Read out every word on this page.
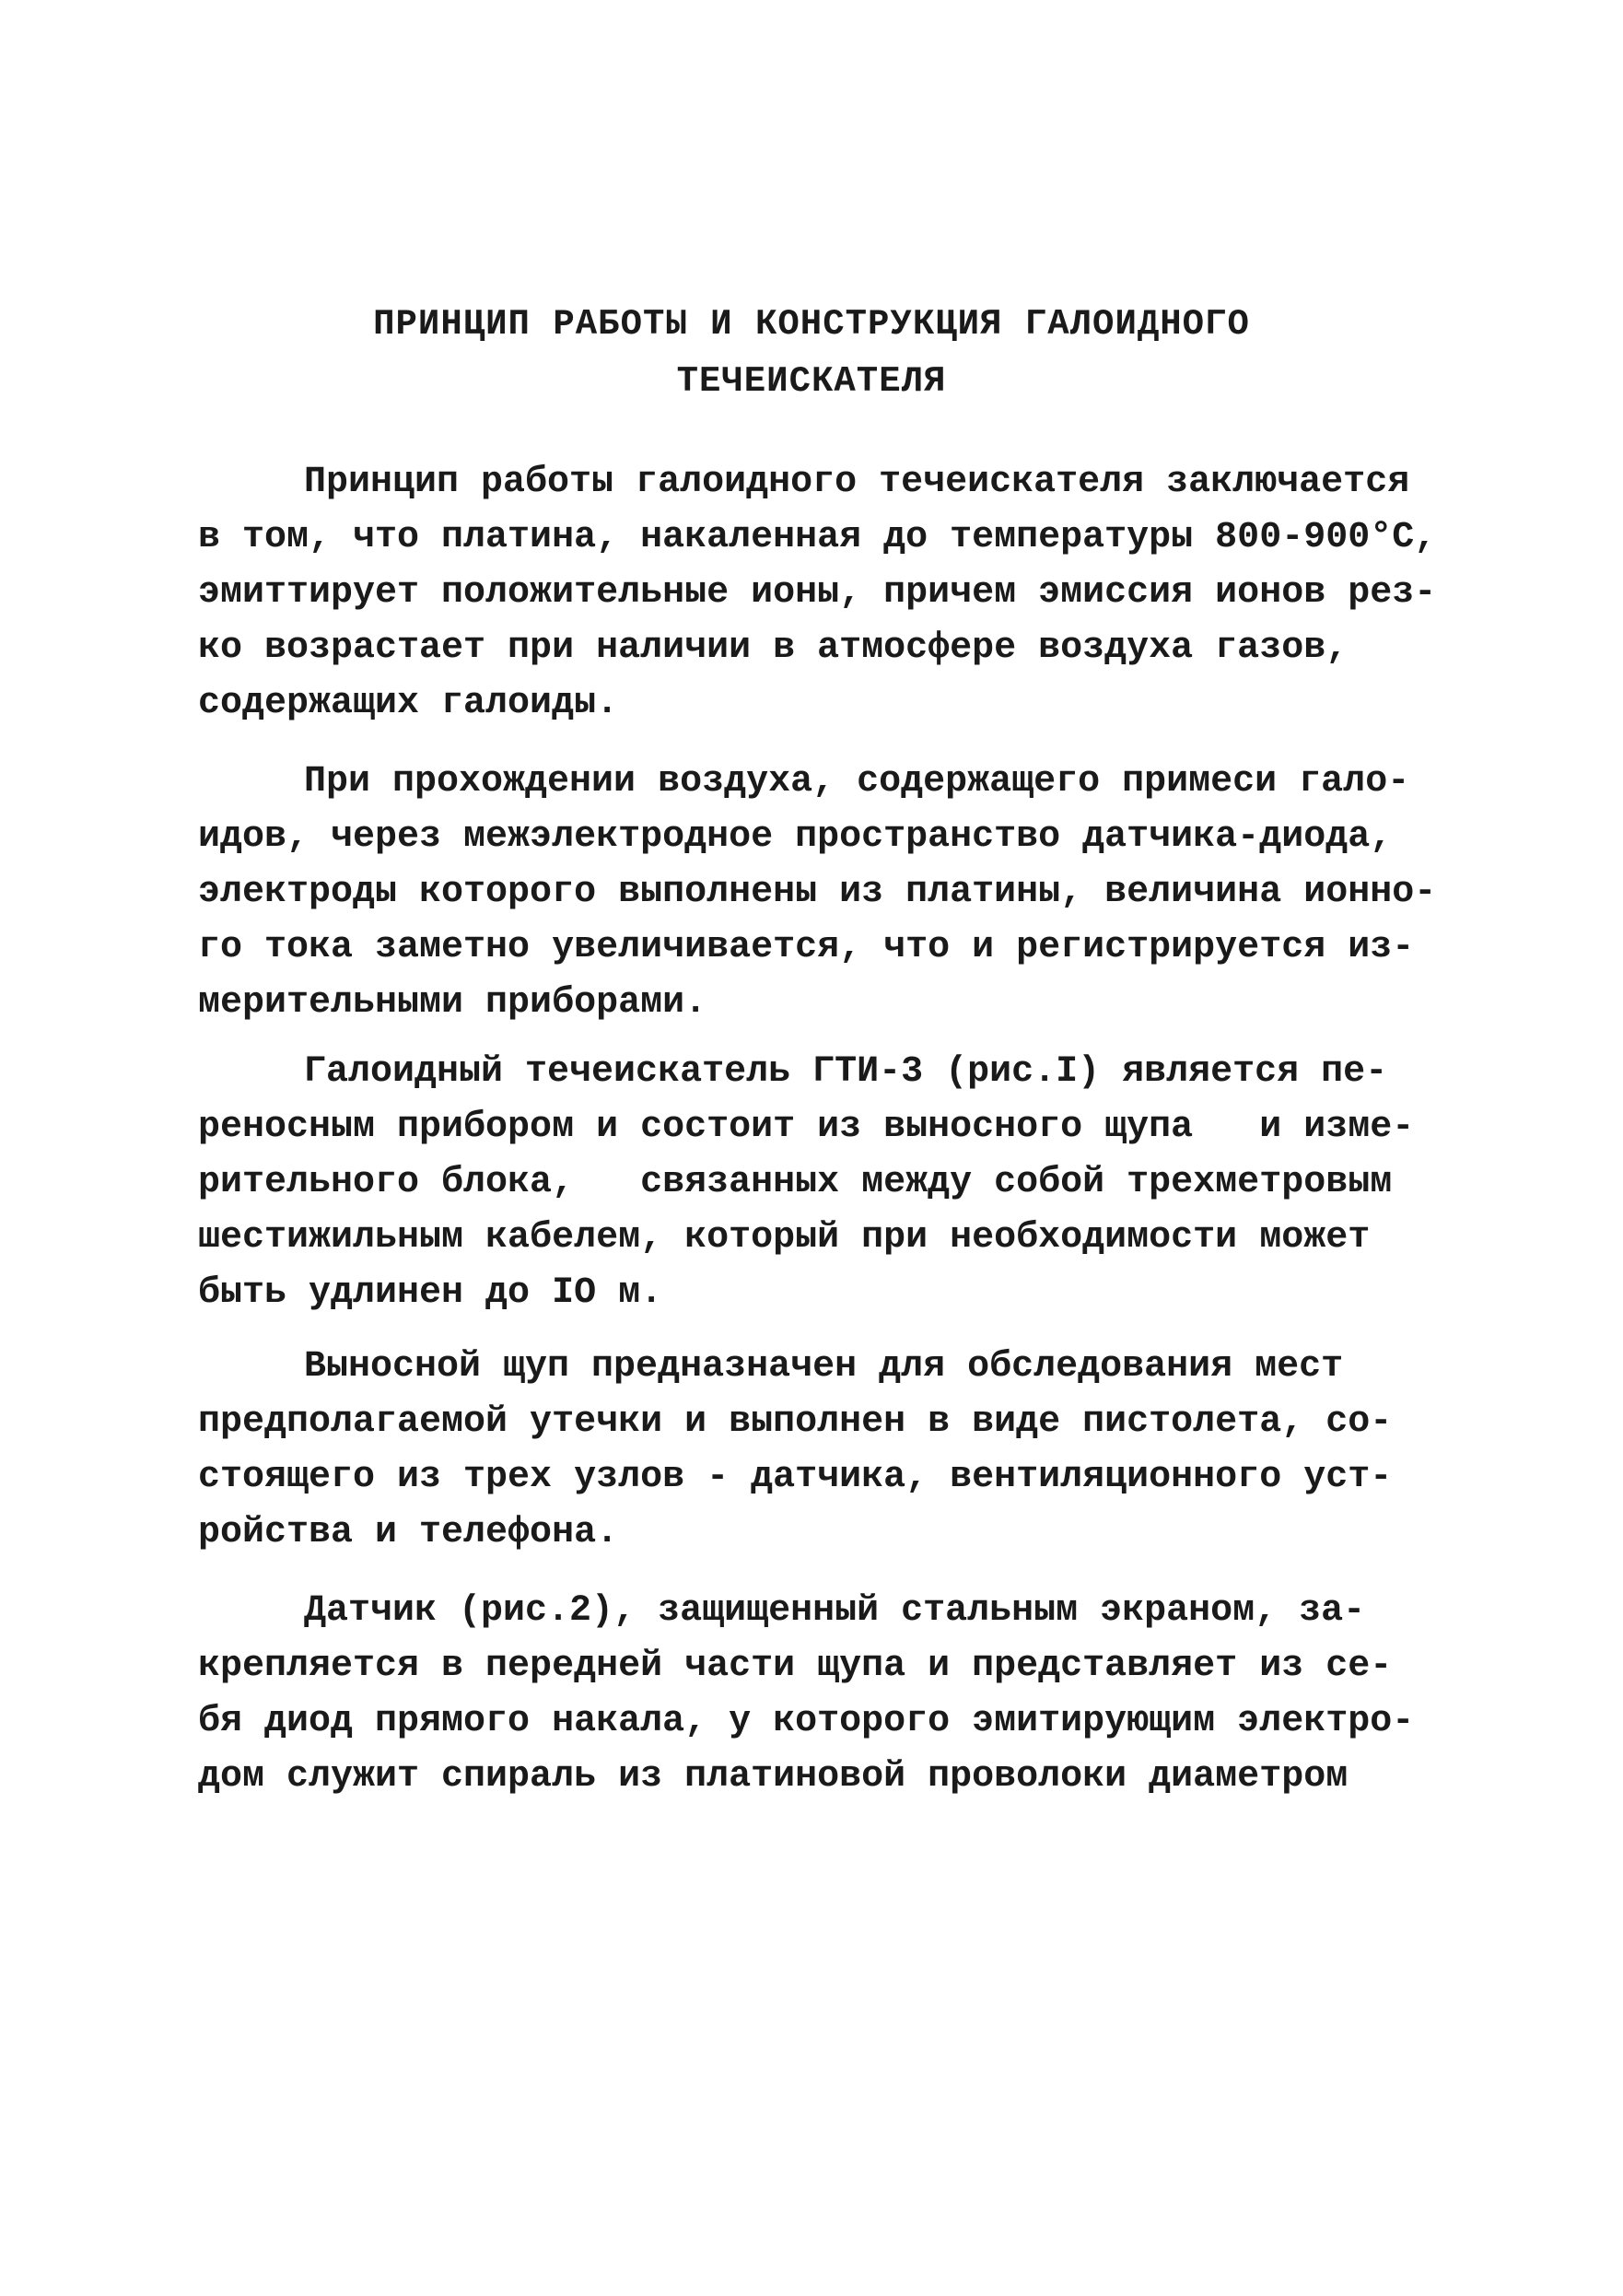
ПРИНЦИП РАБОТЫ И КОНСТРУКЦИЯ ГАЛОИДНОГО
ТЕЧЕИСКАТЕЛЯ
Принцип работы галоидного течеискателя заключается
в том, что платина, накаленная до температуры 800-900°С,
эмиттирует положительные ионы, причем эмиссия ионов рез-
ко возрастает при наличии в атмосфере воздуха газов,
содержащих галоиды.
При прохождении воздуха, содержащего примеси гало-
идов, через межэлектродное пространство датчика-диода,
электроды которого выполнены из платины, величина ионно-
го тока заметно увеличивается, что и регистрируется из-
мерительными приборами.
Галоидный течеискатель ГТИ-3 (рис.I) является пе-
реносным прибором и состоит из выносного щупа   и изме-
рительного блока,   связанных между собой трехметровым
шестижильным кабелем, который при необходимости может
быть удлинен до IO м.
Выносной щуп предназначен для обследования мест
предполагаемой утечки и выполнен в виде пистолета, со-
стоящего из трех узлов - датчика, вентиляционного уст-
ройства и телефона.
Датчик (рис.2), защищенный стальным экраном, за-
крепляется в передней части щупа и представляет из се-
бя диод прямого накала, у которого эмитирующим электро-
дом служит спираль из платиновой проволоки диаметром
